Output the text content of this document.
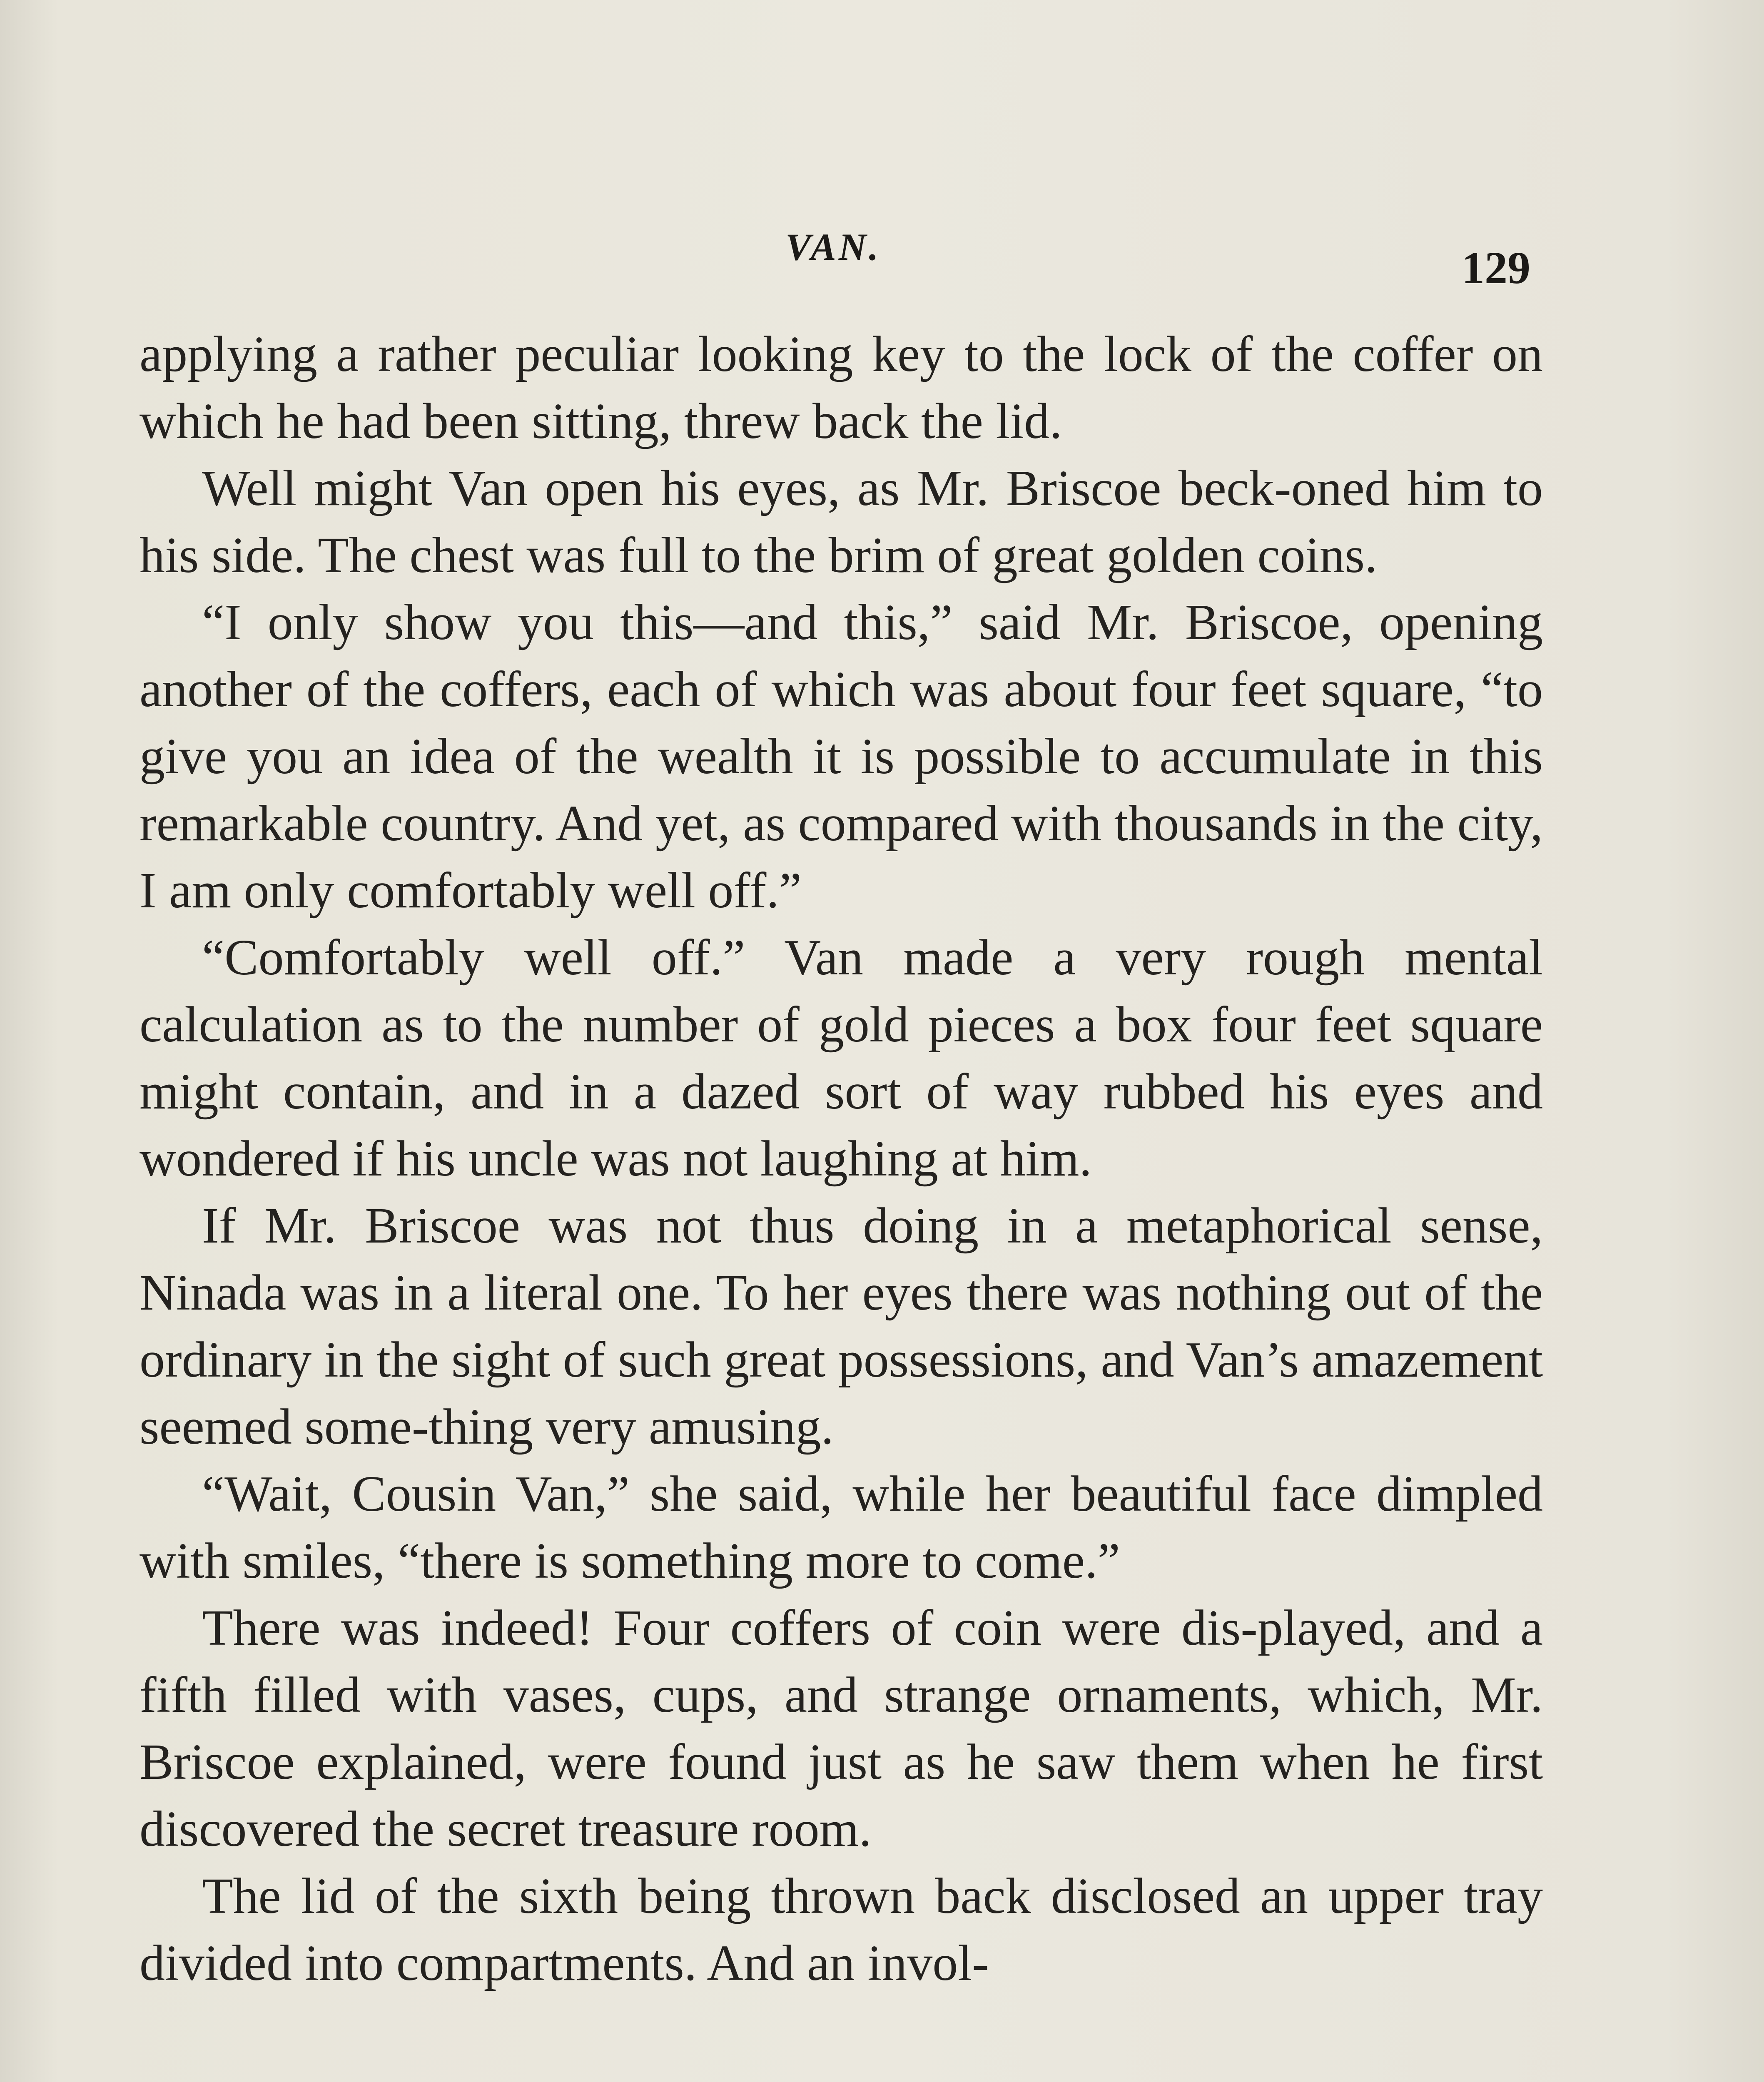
VAN.	129

applying a rather peculiar looking key to the lock of the coffer on which he had been sitting, threw back the lid.

Well might Van open his eyes, as Mr. Briscoe beck-oned him to his side. The chest was full to the brim of great golden coins.

“I only show you this—and this,” said Mr. Briscoe, opening another of the coffers, each of which was about four feet square, “to give you an idea of the wealth it is possible to accumulate in this remarkable country. And yet, as compared with thousands in the city, I am only comfortably well off.”

“Comfortably well off.” Van made a very rough mental calculation as to the number of gold pieces a box four feet square might contain, and in a dazed sort of way rubbed his eyes and wondered if his uncle was not laughing at him.

If Mr. Briscoe was not thus doing in a metaphorical sense, Ninada was in a literal one. To her eyes there was nothing out of the ordinary in the sight of such great possessions, and Van’s amazement seemed some-thing very amusing.

“Wait, Cousin Van,” she said, while her beautiful face dimpled with smiles, “there is something more to come.”

There was indeed! Four coffers of coin were dis-played, and a fifth filled with vases, cups, and strange ornaments, which, Mr. Briscoe explained, were found just as he saw them when he first discovered the secret treasure room.

The lid of the sixth being thrown back disclosed an upper tray divided into compartments. And an invol-
